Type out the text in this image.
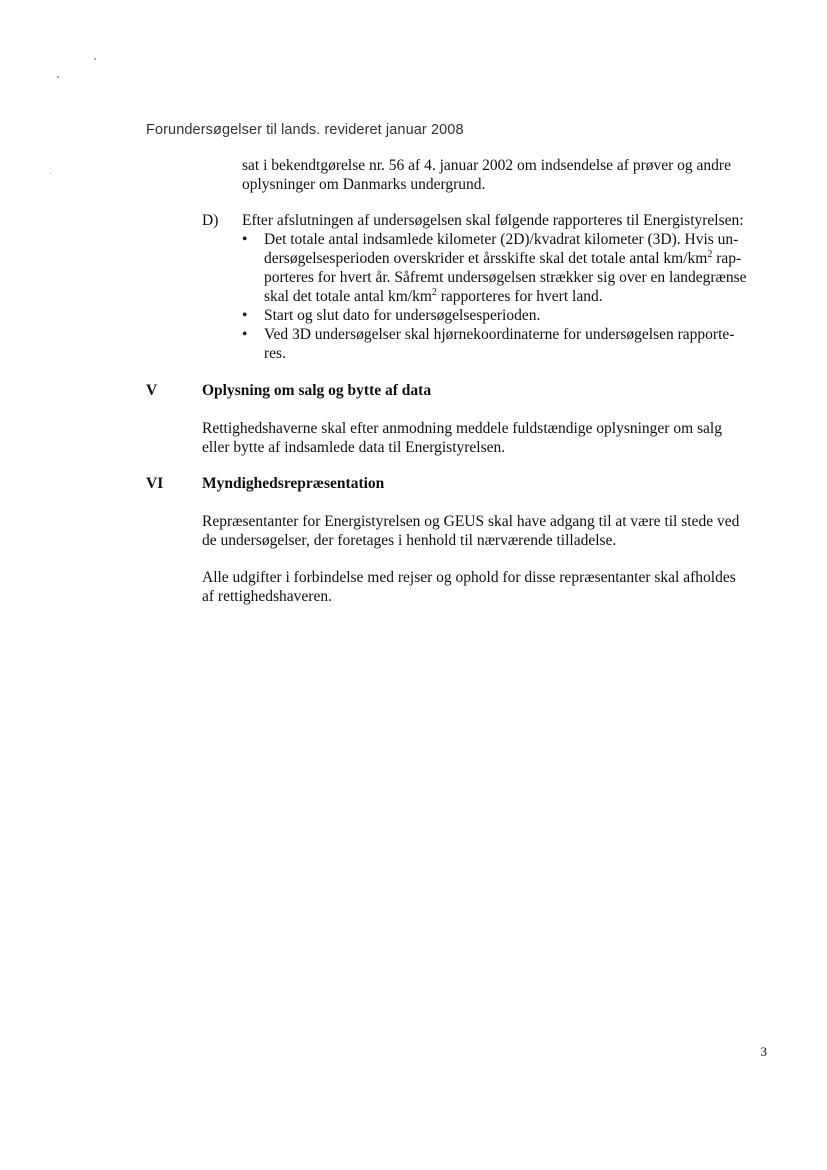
Forundersøgelser til lands. revideret januar 2008
sat i bekendtgørelse nr. 56 af 4. januar 2002 om indsendelse af prøver og andre
oplysninger om Danmarks undergrund.
D) Efter afslutningen af undersøgelsen skal følgende rapporteres til Energistyrelsen:
• Det totale antal indsamlede kilometer (2D)/kvadrat kilometer (3D). Hvis un-
dersøgelsesperioden overskrider et årsskifte skal det totale antal $km/km^2$ rap-
porteres for hvert år. Såfremt undersøgelsen strækker sig over en landegrænse
skal det totale antal $km/km^2$ rapporteres for hvert land.
• Start og slut dato for undersøgelsesperioden.
• Ved 3D undersøgelser skal hjørnekoordinaterne for undersøgelsen rapporte-
res.
V	Oplysning om salg og bytte af data
Rettighedshaverne skal efter anmodning meddele fuldstændige oplysninger om salg
eller bytte af indsamlede data til Energistyrelsen.
VI	Myndighedsrepræsentation
Repræsentanter for Energistyrelsen og GEUS skal have adgang til at være til stede ved
de undersøgelser, der foretages i henhold til nærværende tilladelse.
Alle udgifter i forbindelse med rejser og ophold for disse repræsentanter skal afholdes
af rettighedshaveren.
3
